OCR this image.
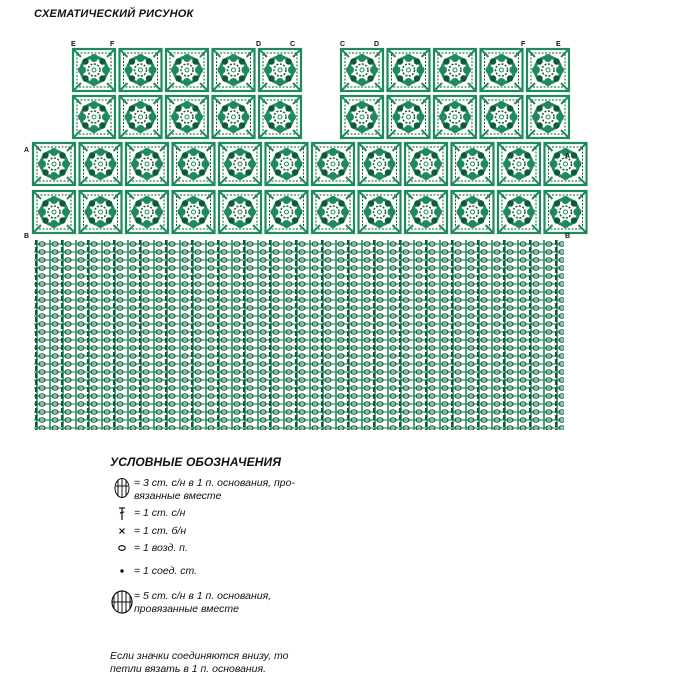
СХЕМАТИЧЕСКИЙ РИСУНОК
E	F	D	C	C	D	F	E
A
A
B	B
УСЛОВНЫЕ ОБОЗНАЧЕНИЯ
= 3 ст. с/н в 1 п. основания, про-
вязанные вместе
= 1 ст. с/н
= 1 ст. б/н
= 1 возд. п.
= 1 соед. ст.
= 5 ст. с/н в 1 п. основания,
провязанные вместе
Если значки соединяются внизу, то
петли вязать в 1 п. основания.
